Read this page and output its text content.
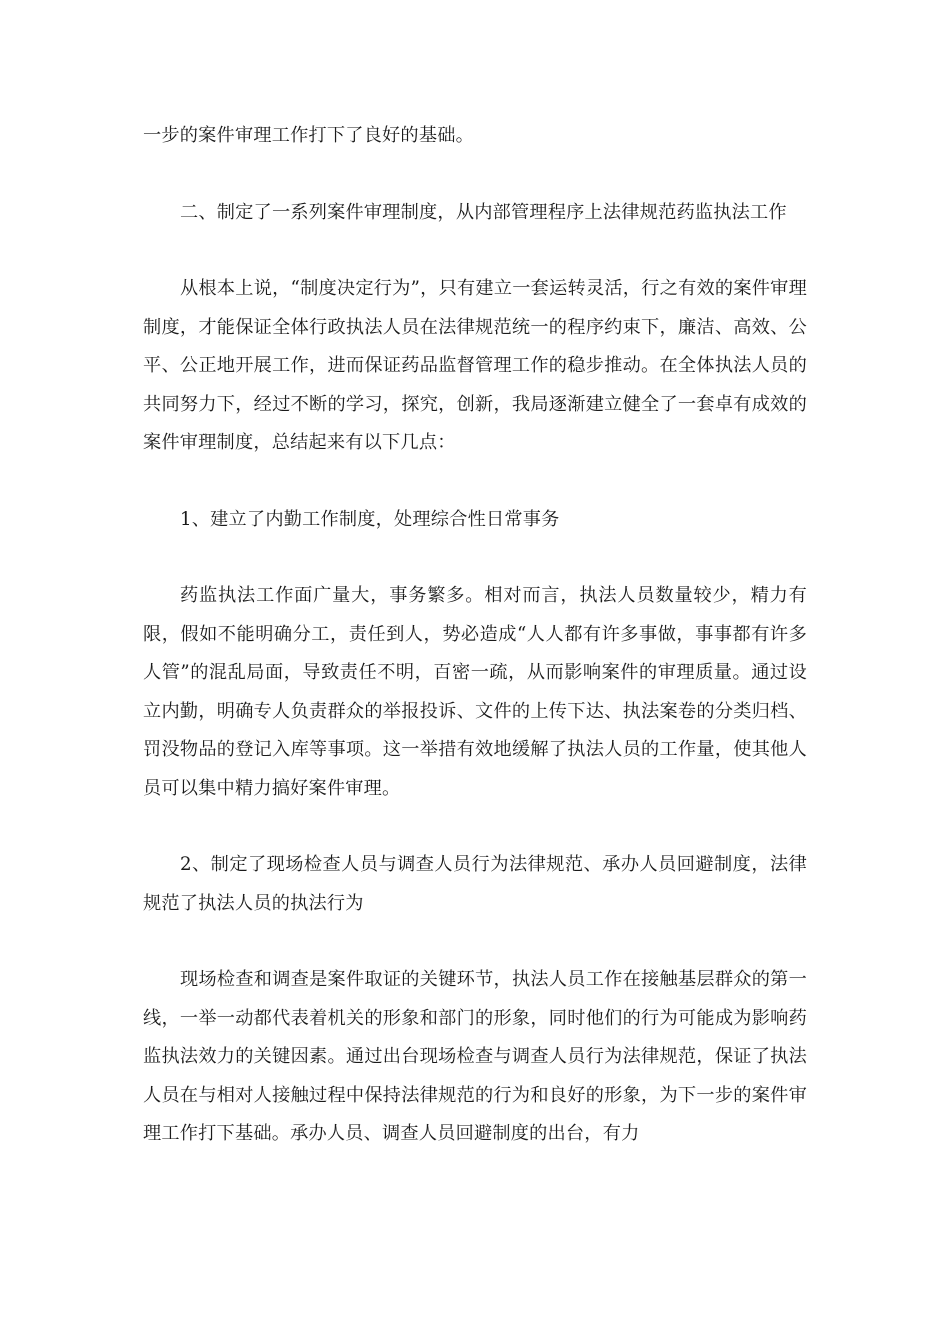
一步的案件审理工作打下了良好的基础。

二、制定了一系列案件审理制度，从内部管理程序上法律规范药监执法工作

从根本上说，“制度决定行为”，只有建立一套运转灵活，行之有效的案件审理制度，才能保证全体行政执法人员在法律规范统一的程序约束下，廉洁、高效、公平、公正地开展工作，进而保证药品监督管理工作的稳步推动。在全体执法人员的共同努力下，经过不断的学习，探究，创新，我局逐渐建立健全了一套卓有成效的案件审理制度，总结起来有以下几点：

1、建立了内勤工作制度，处理综合性日常事务

药监执法工作面广量大，事务繁多。相对而言，执法人员数量较少，精力有限，假如不能明确分工，责任到人，势必造成“人人都有许多事做，事事都有许多人管”的混乱局面，导致责任不明，百密一疏，从而影响案件的审理质量。通过设立内勤，明确专人负责群众的举报投诉、文件的上传下达、执法案卷的分类归档、罚没物品的登记入库等事项。这一举措有效地缓解了执法人员的工作量，使其他人员可以集中精力搞好案件审理。

2、制定了现场检查人员与调查人员行为法律规范、承办人员回避制度，法律规范了执法人员的执法行为

现场检查和调查是案件取证的关键环节，执法人员工作在接触基层群众的第一线，一举一动都代表着机关的形象和部门的形象，同时他们的行为可能成为影响药监执法效力的关键因素。通过出台现场检查与调查人员行为法律规范，保证了执法人员在与相对人接触过程中保持法律规范的行为和良好的形象，为下一步的案件审理工作打下基础。承办人员、调查人员回避制度的出台，有力
